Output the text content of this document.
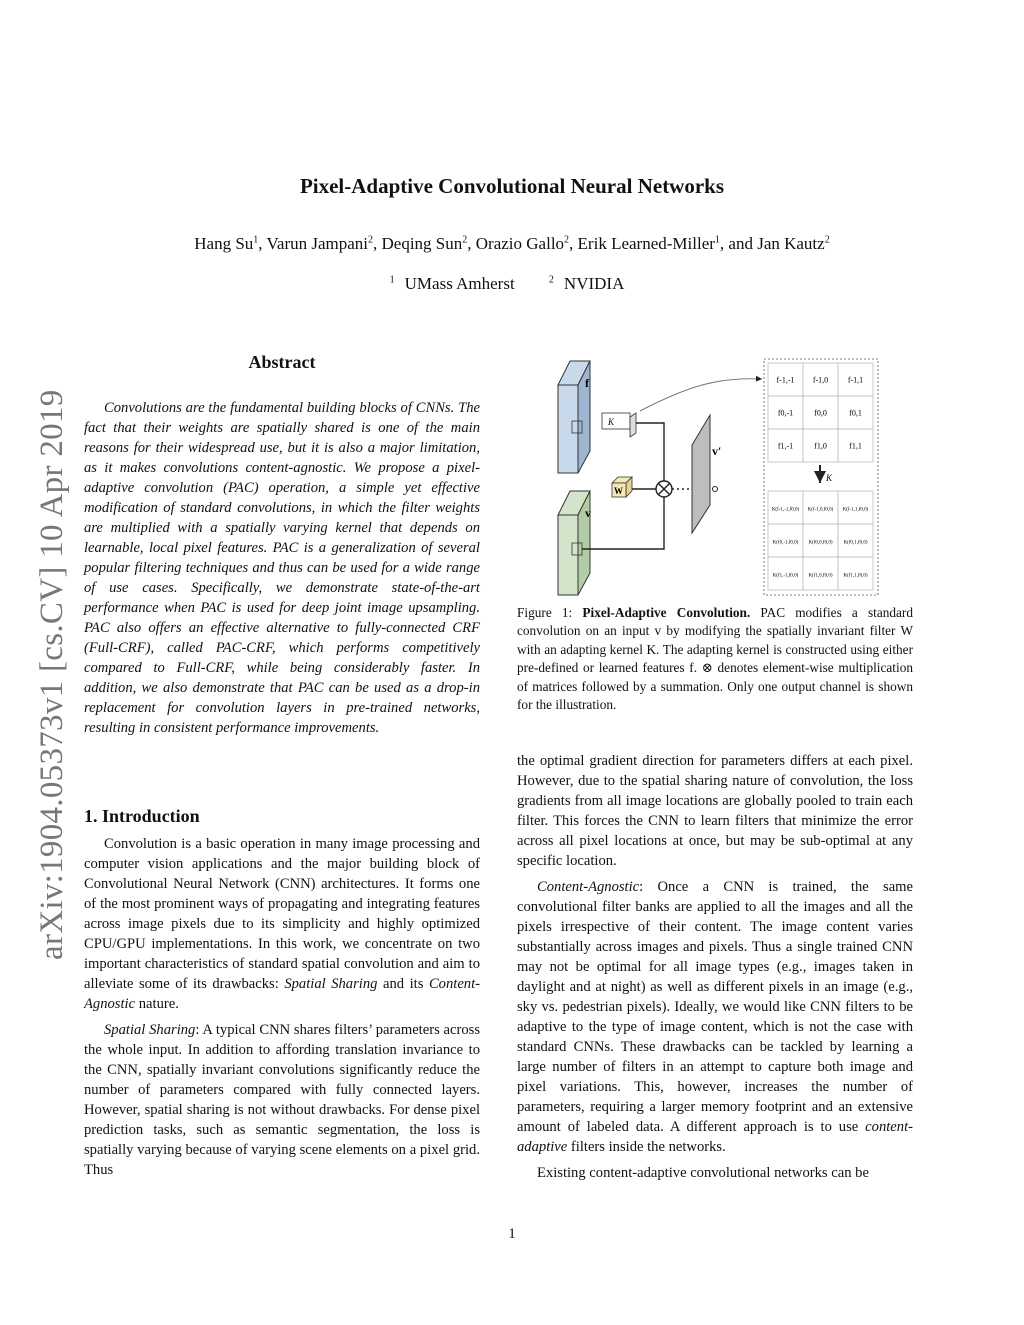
Pixel-Adaptive Convolutional Neural Networks
Hang Su$^1$, Varun Jampani$^2$, Deqing Sun$^2$, Orazio Gallo$^2$, Erik Learned-Miller$^1$, and Jan Kautz$^2$
$^1$ UMass Amherst	$^2$ NVIDIA
arXiv:1904.05373v1 [cs.CV] 10 Apr 2019
Abstract

Convolutions are the fundamental building blocks of CNNs. The fact that their weights are spatially shared is one of the main reasons for their widespread use, but it is also a major limitation, as it makes convolutions content-agnostic. We propose a pixel-adaptive convolution (PAC) operation, a simple yet effective modification of standard convolutions, in which the filter weights are multiplied with a spatially varying kernel that depends on learnable, local pixel features. PAC is a generalization of several popular filtering techniques and thus can be used for a wide range of use cases. Specifically, we demonstrate state-of-the-art performance when PAC is used for deep joint image upsampling. PAC also offers an effective alternative to fully-connected CRF (Full-CRF), called PAC-CRF, which performs competitively compared to Full-CRF, while being considerably faster. In addition, we also demonstrate that PAC can be used as a drop-in replacement for convolution layers in pre-trained networks, resulting in consistent performance improvements.

1. Introduction

Convolution is a basic operation in many image processing and computer vision applications and the major building block of Convolutional Neural Network (CNN) architectures. It forms one of the most prominent ways of propagating and integrating features across image pixels due to its simplicity and highly optimized CPU/GPU implementations. In this work, we concentrate on two important characteristics of standard spatial convolution and aim to alleviate some of its drawbacks: Spatial Sharing and its Content-Agnostic nature.

Spatial Sharing: A typical CNN shares filters’ parameters across the whole input. In addition to affording translation invariance to the CNN, spatially invariant convolutions significantly reduce the number of parameters compared with fully connected layers. However, spatial sharing is not without drawbacks. For dense pixel prediction tasks, such as semantic segmentation, the loss is spatially varying because of varying scene elements on a pixel grid. Thus

f
v
K
W
v′
f-1,-1 f-1,0 f-1,1
f0,-1	f0,0	f0,1
f1,-1	f1,0	f1,1
K
K(f-1,-1,f0,0) K(f-1,0,f0,0) K(f-1,1,f0,0)
K(f0,-1,f0,0) K(f0,0,f0,0) K(f0,1,f0,0)
K(f1,-1,f0,0) K(f1,0,f0,0) K(f1,1,f0,0)
Figure 1: Pixel-Adaptive Convolution. PAC modifies a standard convolution on an input v by modifying the spatially invariant filter W with an adapting kernel K. The adapting kernel is constructed using either pre-defined or learned features f. ⊗ denotes element-wise multiplication of matrices followed by a summation. Only one output channel is shown for the illustration.

the optimal gradient direction for parameters differs at each pixel. However, due to the spatial sharing nature of convolution, the loss gradients from all image locations are globally pooled to train each filter. This forces the CNN to learn filters that minimize the error across all pixel locations at once, but may be sub-optimal at any specific location.

Content-Agnostic: Once a CNN is trained, the same convolutional filter banks are applied to all the images and all the pixels irrespective of their content. The image content varies substantially across images and pixels. Thus a single trained CNN may not be optimal for all image types (e.g., images taken in daylight and at night) as well as different pixels in an image (e.g., sky vs. pedestrian pixels). Ideally, we would like CNN filters to be adaptive to the type of image content, which is not the case with standard CNNs. These drawbacks can be tackled by learning a large number of filters in an attempt to capture both image and pixel variations. This, however, increases the number of parameters, requiring a larger memory footprint and an extensive amount of labeled data. A different approach is to use content-adaptive filters inside the networks.

Existing content-adaptive convolutional networks can be

1
